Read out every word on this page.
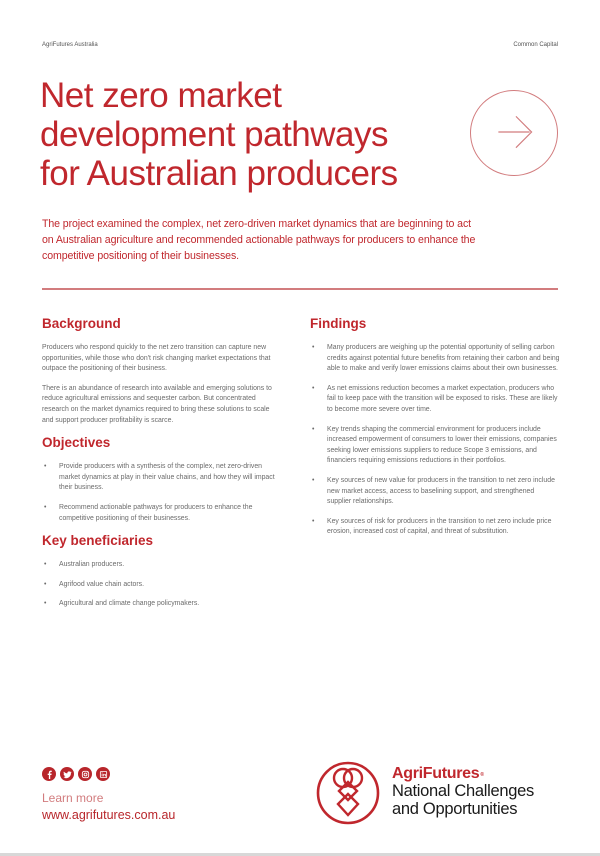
AgriFutures Australia	Common Capital
Net zero market
development pathways
for Australian producers

The project examined the complex, net zero-driven market dynamics that are beginning to act
on Australian agriculture and recommended actionable pathways for producers to enhance the
competitive positioning of their businesses.

Background

Producers who respond quickly to the net zero transition can capture new opportunities, while those who don't risk changing market expectations that outpace the positioning of their business.

There is an abundance of research into available and emerging solutions to reduce agricultural emissions and sequester carbon. But concentrated research on the market dynamics required to bring these solutions to scale and support producer profitability is scarce.

Objectives
• Provide producers with a synthesis of the complex, net zero-driven market dynamics at play in their value chains, and how they will impact their business.
• Recommend actionable pathways for producers to enhance the competitive positioning of their businesses.
Key beneficiaries
• Australian producers.
• Agrifood value chain actors.
• Agricultural and climate change policymakers.
Findings
• Many producers are weighing up the potential opportunity of selling carbon credits against potential future benefits from retaining their carbon and being able to make and verify lower emissions claims about their own businesses.
• As net emissions reduction becomes a market expectation, producers who fail to keep pace with the transition will be exposed to risks. These are likely to become more severe over time.
• Key trends shaping the commercial environment for producers include increased empowerment of consumers to lower their emissions, companies seeking lower emissions suppliers to reduce Scope 3 emissions, and financiers requiring emissions reductions in their portfolios.
• Key sources of new value for producers in the transition to net zero include new market access, access to baselining support, and strengthened supplier relationships.
• Key sources of risk for producers in the transition to net zero include price erosion, increased cost of capital, and threat of substitution.
Learn more
www.agrifutures.com.au
AgriFutures®
National Challenges
and Opportunities
